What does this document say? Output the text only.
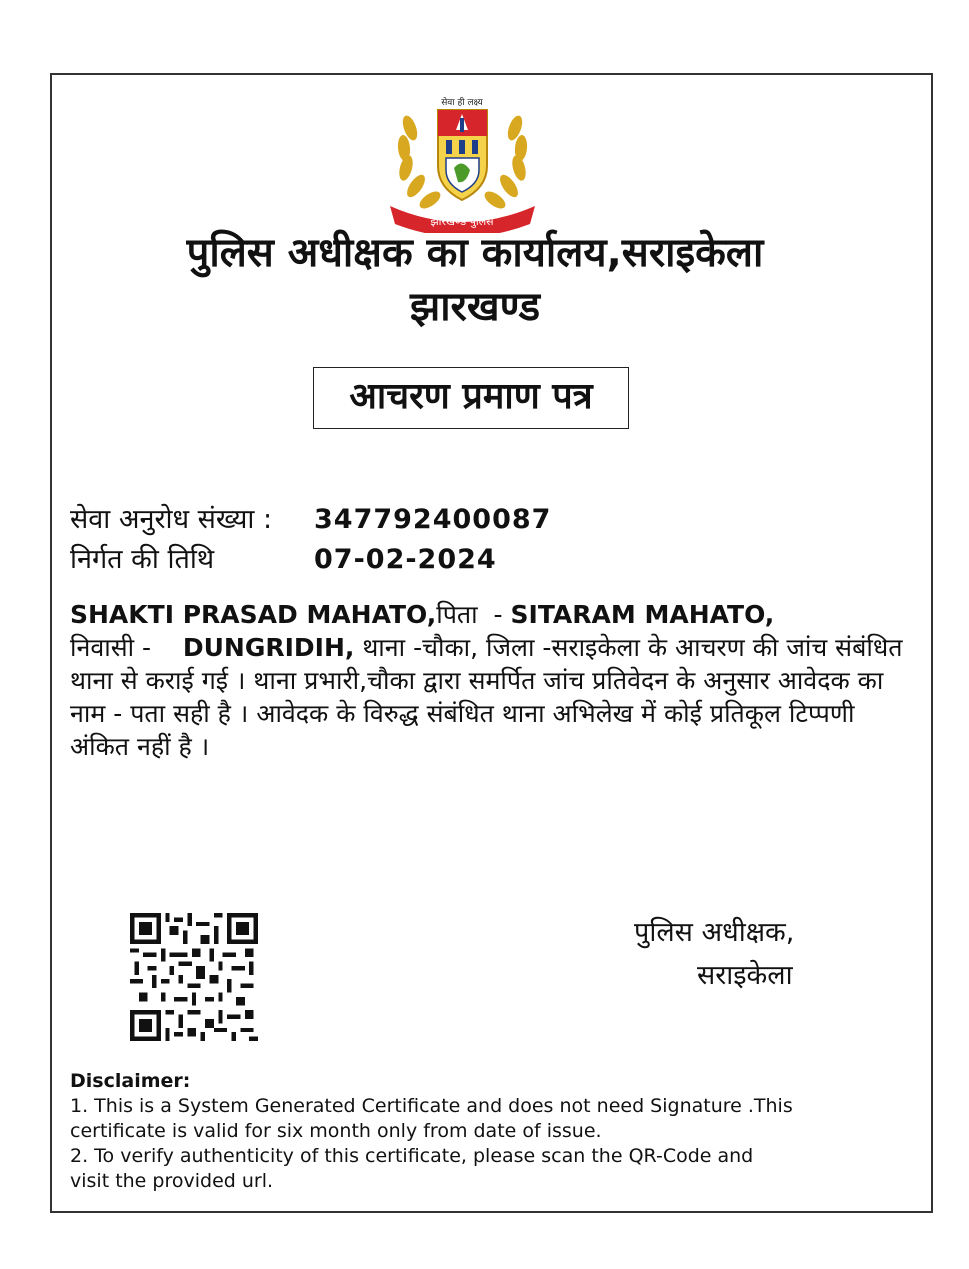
सेवा ही लक्ष्य
झारखण्ड पुलिस
पुलिस अधीक्षक का कार्यालय,सराइकेला
झारखण्ड
आचरण प्रमाण पत्र
सेवा अनुरोध संख्या : 347792400087
निर्गत की तिथि	07-02-2024
SHAKTI PRASAD MAHATO,पिता  - SITARAM MAHATO,
निवासी -    DUNGRIDIH, थाना -चौका, जिला -सराइकेला के आचरण की जांच संबंधित थाना से कराई गई । थाना प्रभारी,चौका द्वारा समर्पित जांच प्रतिवेदन के अनुसार आवेदक का नाम - पता सही है । आवेदक के विरुद्ध संबंधित थाना अभिलेख में कोई प्रतिकूल टिप्पणी अंकित नहीं है ।
पुलिस अधीक्षक,
सराइकेला
Disclaimer:
1. This is a System Generated Certificate and does not need Signature .This
certificate is valid for six month only from date of issue.
2. To verify authenticity of this certificate, please scan the QR-Code and
visit the provided url.
